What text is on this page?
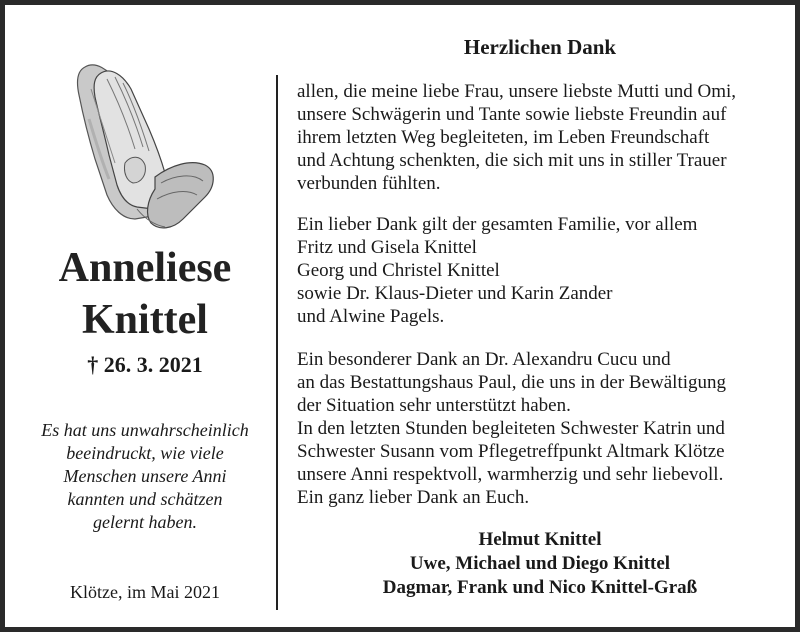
Anneliese
Knittel
† 26. 3. 2021
Es hat uns unwahrscheinlich
beeindruckt, wie viele
Menschen unsere Anni
kannten und schätzen
gelernt haben.
Klötze, im Mai 2021
Herzlichen Dank
allen, die meine liebe Frau, unsere liebste Mutti und Omi,
unsere Schwägerin und Tante sowie liebste Freundin auf
ihrem letzten Weg begleiteten, im Leben Freundschaft
und Achtung schenkten, die sich mit uns in stiller Trauer
verbunden fühlten.
Ein lieber Dank gilt der gesamten Familie, vor allem
Fritz und Gisela Knittel
Georg und Christel Knittel
sowie Dr. Klaus-Dieter und Karin Zander
und Alwine Pagels.
Ein besonderer Dank an Dr. Alexandru Cucu und
an das Bestattungshaus Paul, die uns in der Bewältigung
der Situation sehr unterstützt haben.
In den letzten Stunden begleiteten Schwester Katrin und
Schwester Susann vom Pflegetreffpunkt Altmark Klötze
unsere Anni respektvoll, warmherzig und sehr liebevoll.
Ein ganz lieber Dank an Euch.
Helmut Knittel
Uwe, Michael und Diego Knittel
Dagmar, Frank und Nico Knittel-Graß
